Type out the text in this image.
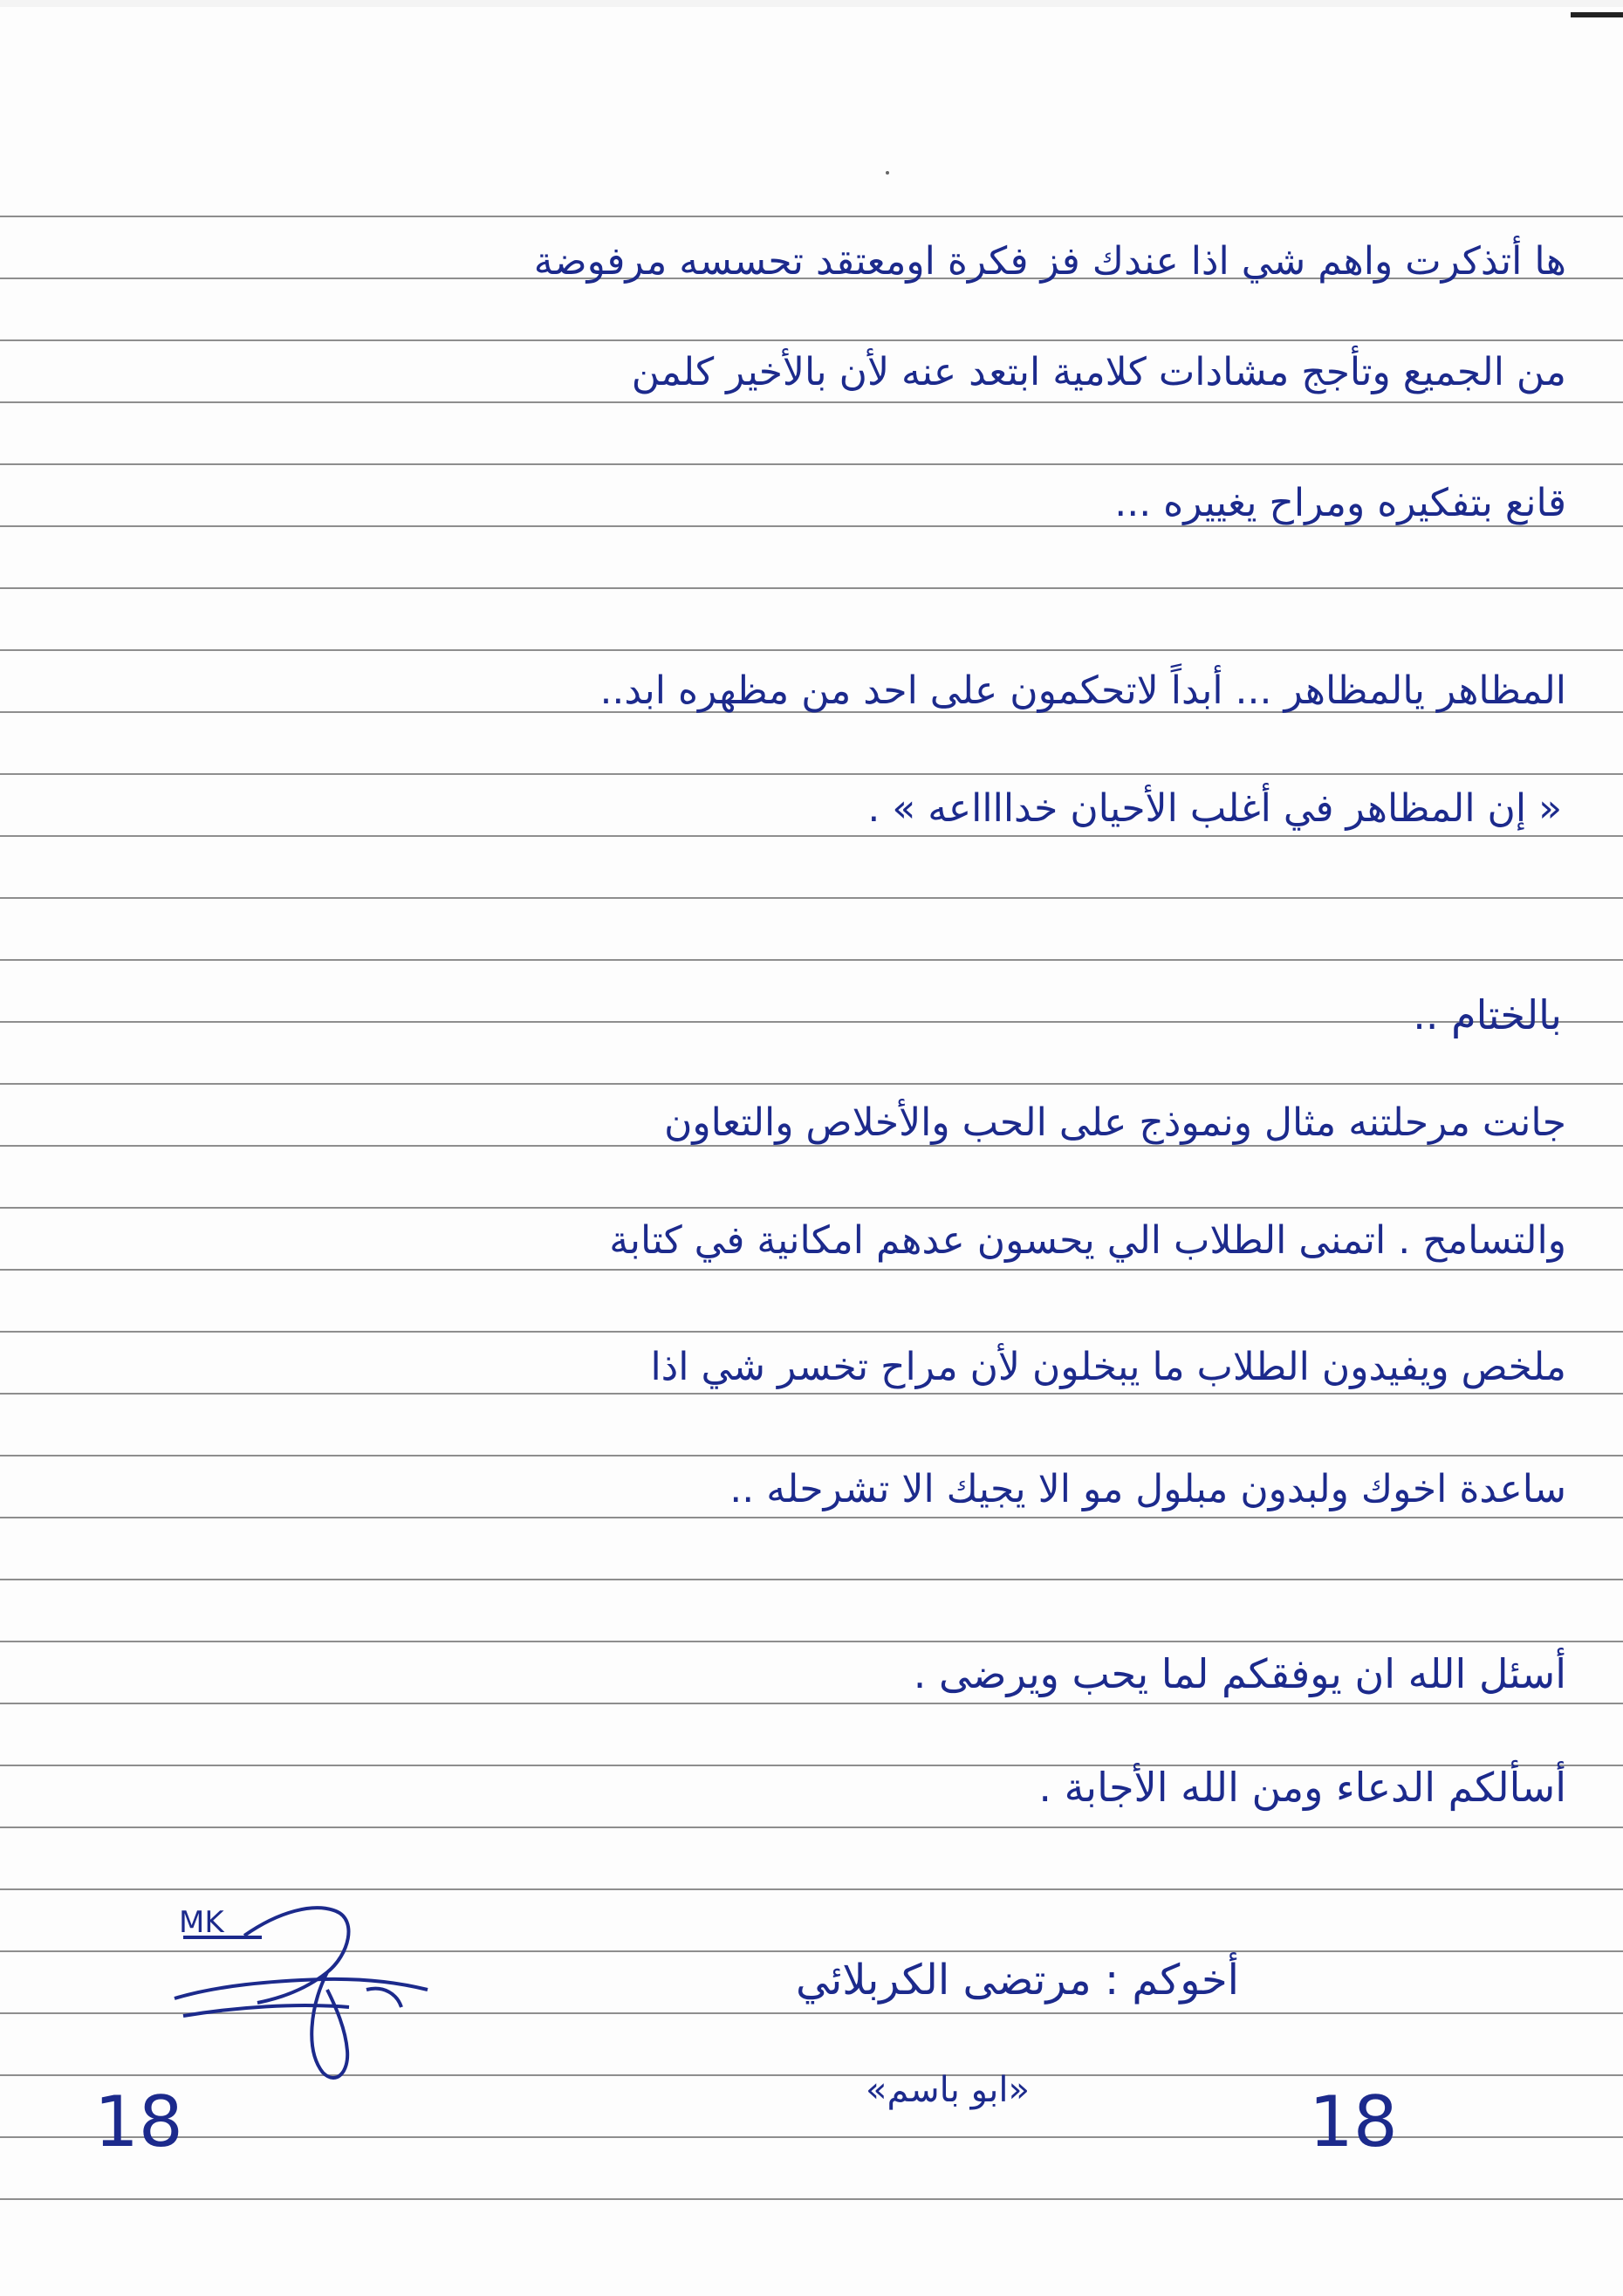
ها أتذكرت واهم شي اذا عندك فز فكرة اومعتقد تحسسه مرفوضة
من الجميع وتأجج مشادات كلامية ابتعد عنه لأن بالأخير كلمن
قانع بتفكيره ومراح يغييره ...
المظاهر يالمظاهر ... أبداً لاتحكمون على احد من مظهره ابد..
« إن المظاهر في أغلب الأحيان خدااااعه » .
بالختام ..
جانت مرحلتنه مثال ونموذج على الحب والأخلاص والتعاون
والتسامح . اتمنى الطلاب الي يحسون عدهم امكانية في كتابة
ملخص ويفيدون الطلاب ما يبخلون لأن مراح تخسر شي اذا
ساعدة اخوك ولبدون مبلول مو الا يجيك الا تشرحله ..
أسئل الله ان يوفقكم لما يحب ويرضى .
أسألكم الدعاء ومن الله الأجابة .
MK
أخوكم : مرتضى الكربلائي
«ابو باسم»
18	18
